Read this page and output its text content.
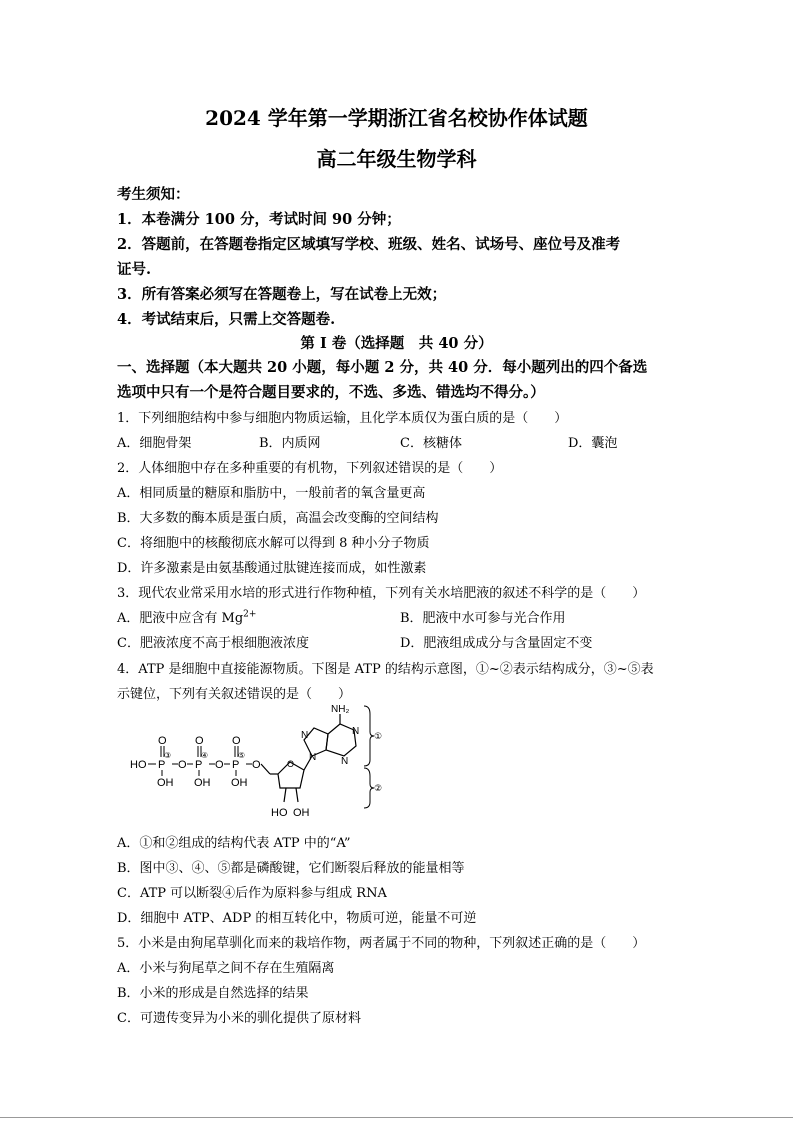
2024 学年第一学期浙江省名校协作体试题
高二年级生物学科
考生须知：
1．本卷满分 100 分，考试时间 90 分钟；
2．答题前，在答题卷指定区域填写学校、班级、姓名、试场号、座位号及准考
证号.
3．所有答案必须写在答题卷上，写在试卷上无效；
4．考试结束后，只需上交答题卷.
第 I 卷（选择题　共 40 分）
一、选择题（本大题共 20 小题，每小题 2 分，共 40 分．每小题列出的四个备选
选项中只有一个是符合题目要求的，不选、多选、错选均不得分。）
1．下列细胞结构中参与细胞内物质运输，且化学本质仅为蛋白质的是（　　）
A．细胞骨架	B．内质网	C．核糖体	D．囊泡
2．人体细胞中存在多种重要的有机物，下列叙述错误的是（　　）
A．相同质量的糖原和脂肪中，一般前者的氧含量更高
B．大多数的酶本质是蛋白质，高温会改变酶的空间结构
C．将细胞中的核酸彻底水解可以得到 8 种小分子物质
D．许多激素是由氨基酸通过肽键连接而成，如性激素
3．现代农业常采用水培的形式进行作物种植，下列有关水培肥液的叙述不科学的是（　　）
A．肥液中应含有 $Mg^{2+}$	B．肥液中水可参与光合作用
C．肥液浓度不高于根细胞液浓度	D．肥液组成成分与含量固定不变
4．ATP 是细胞中直接能源物质。下图是 ATP 的结构示意图，①~②表示结构成分，③~⑤表
示键位，下列有关叙述错误的是（　　）
HO P
③
O
OH
O P
④
O
OH
O P
⑤
O
OH
O	O
HO OH
NH₂
N
N	N
N
①
②
A．①和②组成的结构代表 ATP 中的“A”
B．图中③、④、⑤都是磷酸键，它们断裂后释放的能量相等
C．ATP 可以断裂④后作为原料参与组成 RNA
D．细胞中 ATP、ADP 的相互转化中，物质可逆，能量不可逆
5．小米是由狗尾草驯化而来的栽培作物，两者属于不同的物种，下列叙述正确的是（　　）
A．小米与狗尾草之间不存在生殖隔离
B．小米的形成是自然选择的结果
C．可遗传变异为小米的驯化提供了原材料
